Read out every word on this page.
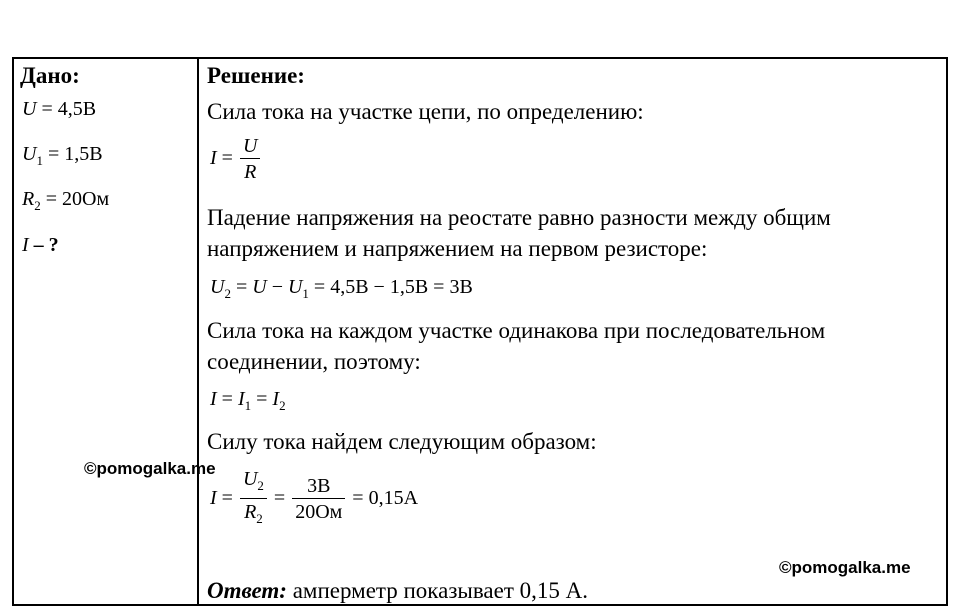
Дано:
U = 4,5В
$U_1 = 1,5В$
$R_2 = 20Ом$
I – ?
Решение:
Сила тока на участке цепи, по определению:
$I = \frac{U}{R}$
Падение напряжения на реостате равно разности между общим
напряжением и напряжением на первом резисторе:
$U_2 = U - U_1 = 4,5В - 1,5В = 3В$
Сила тока на каждом участке одинакова при последовательном
соединении, поэтому:
$I = I_1 = I_2$
Силу тока найдем следующим образом:
$I = \frac{U_2}{R_2} = \frac{3В}{20Ом} = 0,15А$
Ответ: амперметр показывает 0,15 А.
©pomogalka.me
©pomogalka.me
